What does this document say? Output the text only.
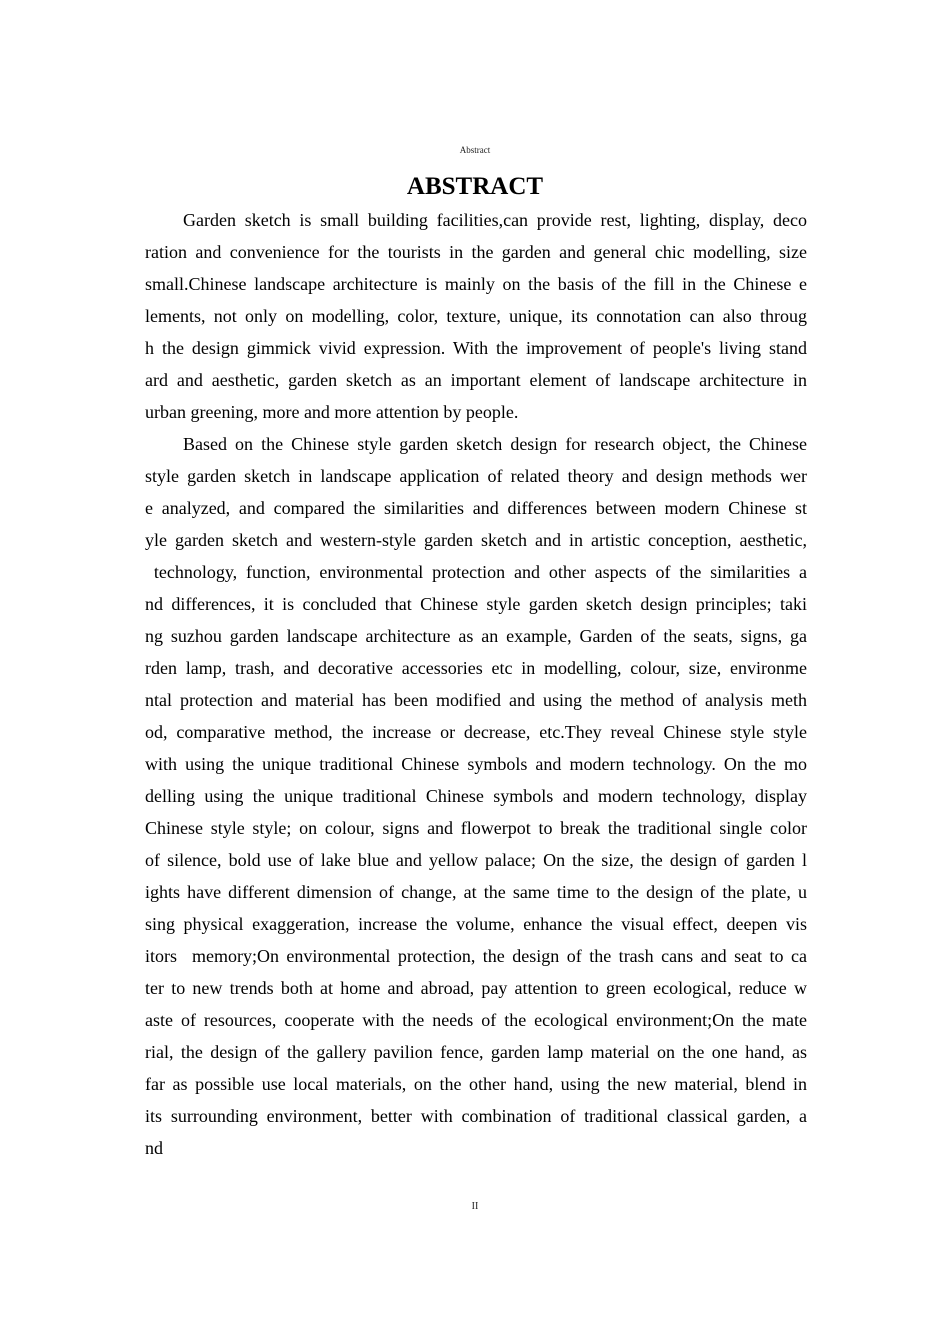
Abstract
ABSTRACT
Garden sketch is small building facilities,can provide rest, lighting, display, deco
ration and convenience for the tourists in the garden and general chic modelling, size
small.Chinese landscape architecture is mainly on the basis of the fill in the Chinese e
lements, not only on modelling, color, texture, unique, its connotation can also throug
h the design gimmick vivid expression. With the improvement of people's living stand
ard and aesthetic, garden sketch as an important element of landscape architecture in
urban greening, more and more attention by people.
Based on the Chinese style garden sketch design for research object, the Chinese
style garden sketch in landscape application of related theory and design methods wer
e analyzed, and compared the similarities and differences between modern Chinese st
yle garden sketch and western-style garden sketch and in artistic conception, aesthetic,
technology, function, environmental protection and other aspects of the similarities a
nd differences, it is concluded that Chinese style garden sketch design principles; taki
ng suzhou garden landscape architecture as an example, Garden of the seats, signs, ga
rden lamp, trash, and decorative accessories etc in modelling, colour, size, environme
ntal protection and material has been modified and using the method of analysis meth
od, comparative method, the increase or decrease, etc.They reveal Chinese style style
with using the unique traditional Chinese symbols and modern technology. On the mo
delling using the unique traditional Chinese symbols and modern technology, display
Chinese style style; on colour, signs and flowerpot to break the traditional single color
of silence, bold use of lake blue and yellow palace; On the size, the design of garden l
ights have different dimension of change, at the same time to the design of the plate, u
sing physical exaggeration, increase the volume, enhance the visual effect, deepen vis
itors  memory;On environmental protection, the design of the trash cans and seat to ca
ter to new trends both at home and abroad, pay attention to green ecological, reduce w
aste of resources, cooperate with the needs of the ecological environment;On the mate
rial, the design of the gallery pavilion fence, garden lamp material on the one hand, as
far as possible use local materials, on the other hand, using the new material, blend in
its surrounding environment, better with combination of traditional classical garden, a
nd
II
